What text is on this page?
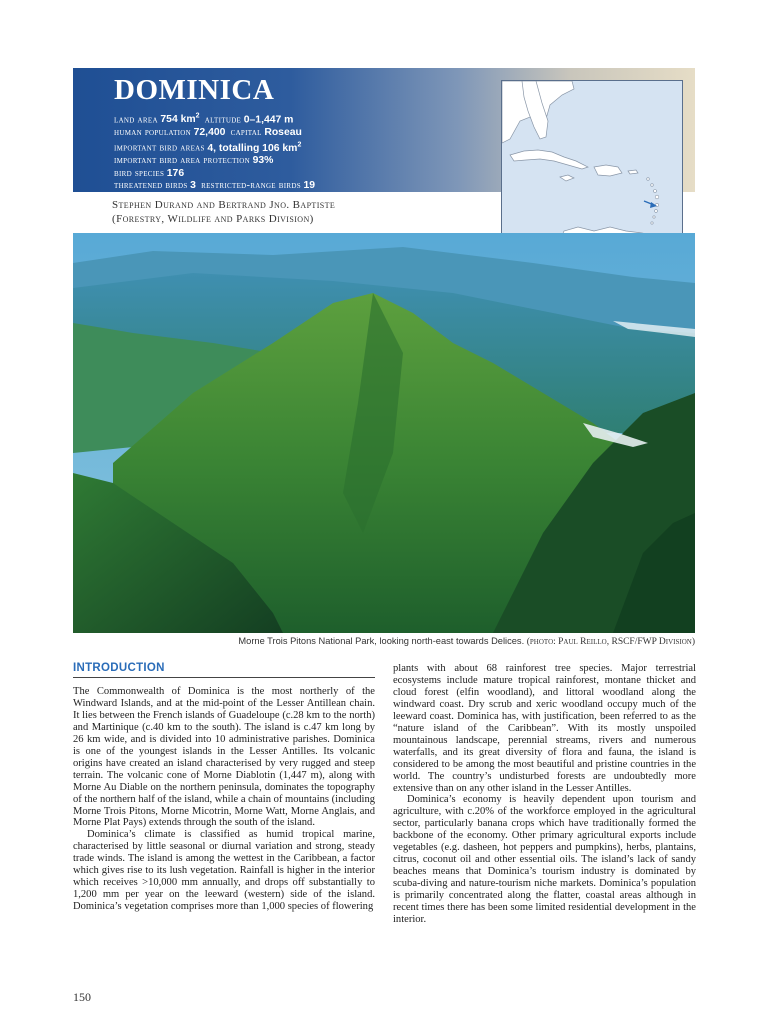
DOMINICA
land area 754 $km^2$ altitude 0–1,447 m
human population 72,400 capital Roseau
important bird areas 4, totalling 106 $km^2$
important bird area protection 93%
bird species 176
threatened birds 3 restricted-range birds 19
Stephen Durand and Bertrand Jno. Baptiste
(Forestry, Wildlife and Parks Division)
Morne Trois Pitons National Park, looking north-east towards Delices. (photo: Paul Reillo, RSCF/FWP Division)
INTRODUCTION

The Commonwealth of Dominica is the most northerly of the Windward Islands, and at the mid-point of the Lesser Antillean chain. It lies between the French islands of Guadeloupe (c.28 km to the north) and Martinique (c.40 km to the south). The island is c.47 km long by 26 km wide, and is divided into 10 administrative parishes. Dominica is one of the youngest islands in the Lesser Antilles. Its volcanic origins have created an island characterised by very rugged and steep terrain. The volcanic cone of Morne Diablotin (1,447 m), along with Morne Au Diable on the northern peninsula, dominates the topography of the northern half of the island, while a chain of mountains (including Morne Trois Pitons, Morne Micotrin, Morne Watt, Morne Anglais, and Morne Plat Pays) extends through the south of the island.

Dominica’s climate is classified as humid tropical marine, characterised by little seasonal or diurnal variation and strong, steady trade winds. The island is among the wettest in the Caribbean, a factor which gives rise to its lush vegetation. Rainfall is higher in the interior which receives >10,000 mm annually, and drops off substantially to 1,200 mm per year on the leeward (western) side of the island. Dominica’s vegetation comprises more than 1,000 species of flowering

plants with about 68 rainforest tree species. Major terrestrial ecosystems include mature tropical rainforest, montane thicket and cloud forest (elfin woodland), and littoral woodland along the windward coast. Dry scrub and xeric woodland occupy much of the leeward coast. Dominica has, with justification, been referred to as the “nature island of the Caribbean”. With its mostly unspoiled mountainous landscape, perennial streams, rivers and numerous waterfalls, and its great diversity of flora and fauna, the island is considered to be among the most beautiful and pristine countries in the world. The country’s undisturbed forests are undoubtedly more extensive than on any other island in the Lesser Antilles.

Dominica’s economy is heavily dependent upon tourism and agriculture, with c.20% of the workforce employed in the agricultural sector, particularly banana crops which have traditionally formed the backbone of the economy. Other primary agricultural exports include vegetables (e.g. dasheen, hot peppers and pumpkins), herbs, plantains, citrus, coconut oil and other essential oils. The island’s lack of sandy beaches means that Dominica’s tourism industry is dominated by scuba-diving and nature-tourism niche markets. Dominica’s population is primarily concentrated along the flatter, coastal areas although in recent times there has been some limited residential development in the interior.

150
